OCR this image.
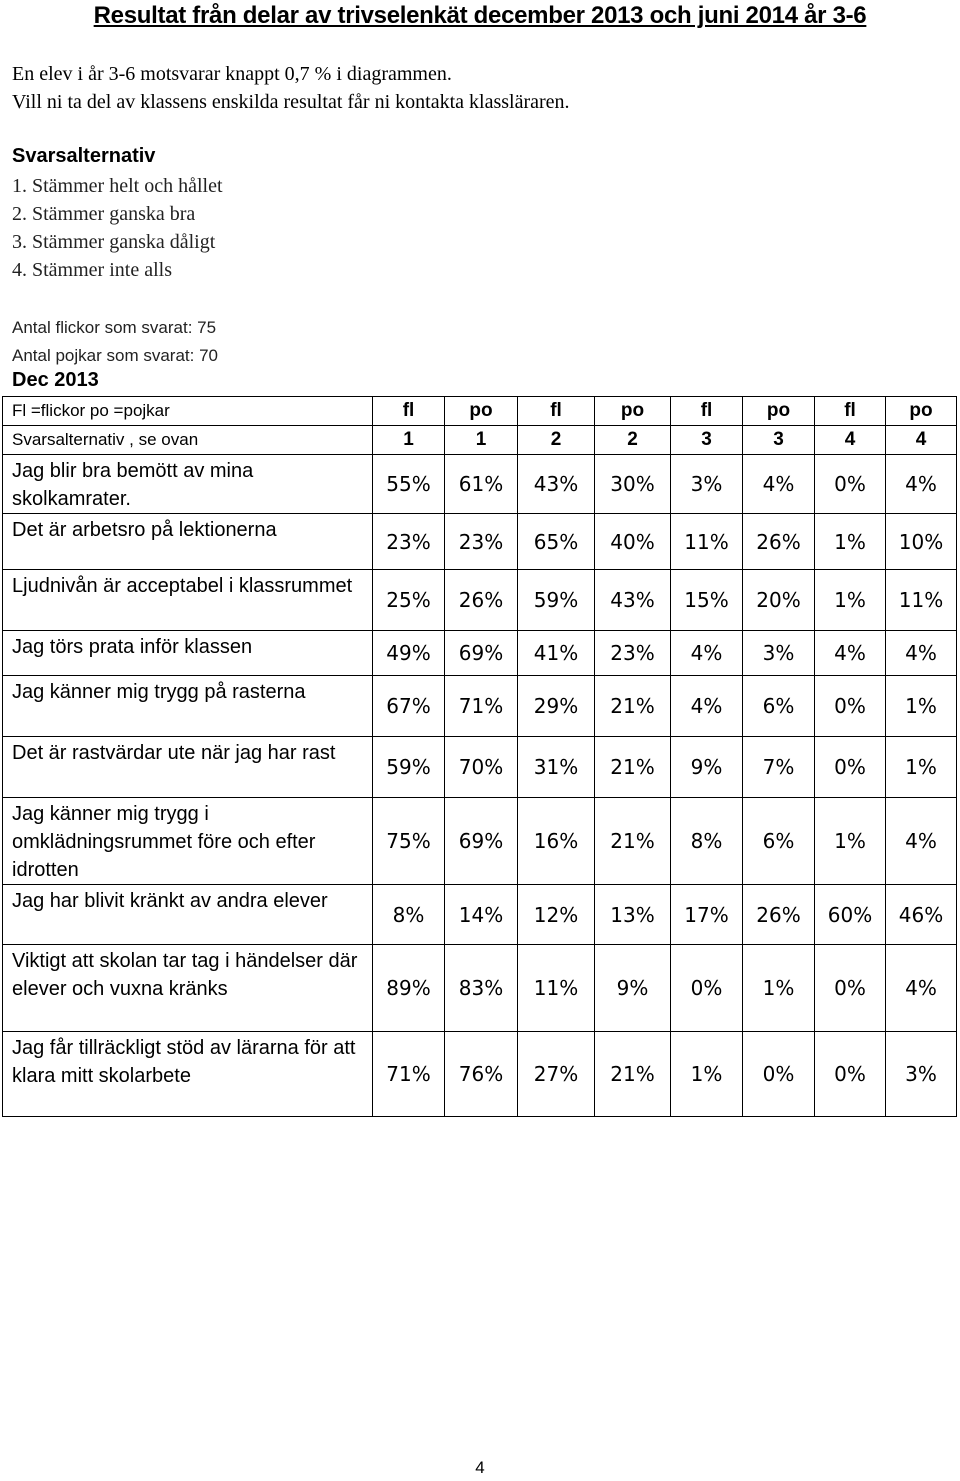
Resultat från delar av trivselenkät december 2013 och juni 2014 år 3-6
En elev i år 3-6 motsvarar knappt 0,7 % i diagrammen.
Vill ni ta del av klassens enskilda resultat får ni kontakta klassläraren.
Svarsalternativ
1. Stämmer helt och hållet
2. Stämmer ganska bra
3. Stämmer ganska dåligt
4. Stämmer inte alls
Antal flickor som svarat: 75
Antal pojkar som svarat: 70
Dec 2013
Fl =flickor po =pojkar	fl	po	fl	po	fl	po	fl	po
Svarsalternativ , se ovan	1	1	2	2	3	3	4	4
Jag blir bra bemött av mina skolkamrater.	55%	61%	43%	30%	3%	4%	0%	4%
Det är arbetsro på lektionerna	23%	23%	65%	40%	11%	26%	1%	10%
Ljudnivån är acceptabel i klassrummet	25%	26%	59%	43%	15%	20%	1%	11%
Jag törs prata inför klassen	49%	69%	41%	23%	4%	3%	4%	4%
Jag känner mig trygg på rasterna	67%	71%	29%	21%	4%	6%	0%	1%
Det är rastvärdar ute när jag har rast	59%	70%	31%	21%	9%	7%	0%	1%
Jag känner mig trygg i omklädningsrummet före och efter idrotten	75%	69%	16%	21%	8%	6%	1%	4%
Jag har blivit kränkt av andra elever	8%	14%	12%	13%	17%	26%	60%	46%
Viktigt att skolan tar tag i händelser där elever och vuxna kränks	89%	83%	11%	9%	0%	1%	0%	4%
Jag får tillräckligt stöd av lärarna för att klara mitt skolarbete	71%	76%	27%	21%	1%	0%	0%	3%
4
